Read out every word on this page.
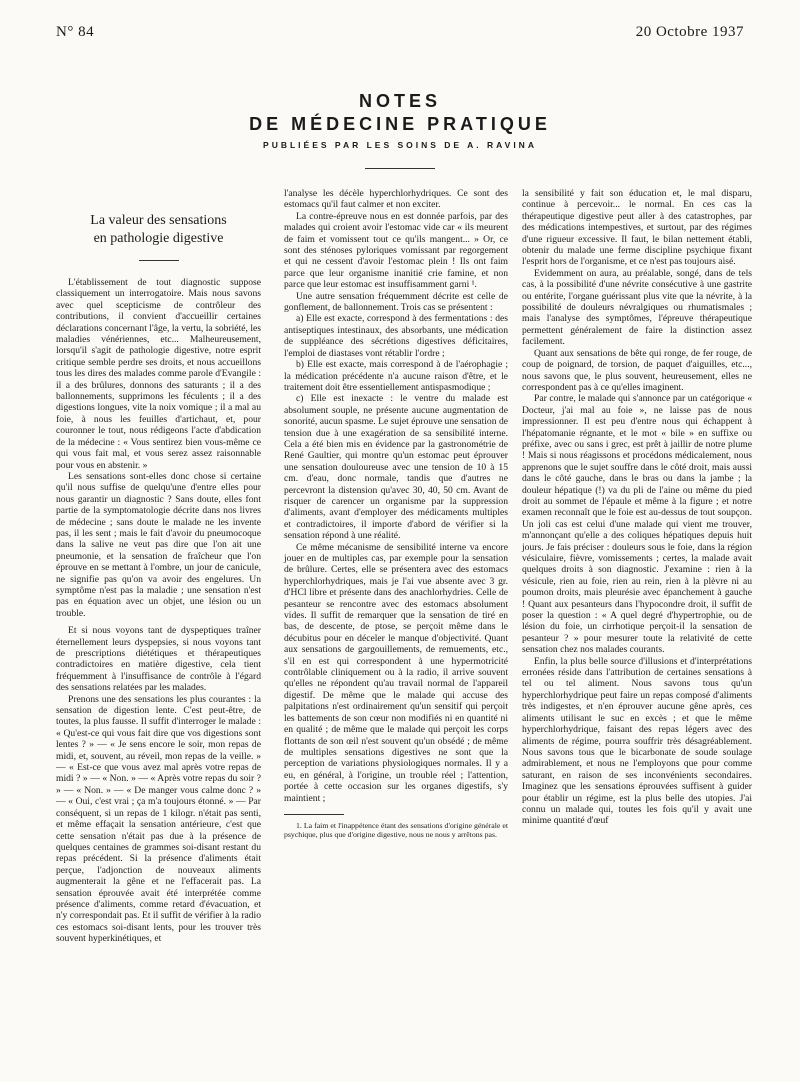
N° 84	20 Octobre 1937
NOTES
DE MÉDECINE PRATIQUE
PUBLIÉES PAR LES SOINS DE A. RAVINA
La valeur des sensations
en pathologie digestive

L'établissement de tout diagnostic suppose classiquement un interrogatoire. Mais nous savons avec quel scepticisme de contrôleur des contributions, il convient d'accueillir certaines déclarations concernant l'âge, la vertu, la sobriété, les maladies vénériennes, etc... Malheureusement, lorsqu'il s'agit de pathologie digestive, notre esprit critique semble perdre ses droits, et nous accueillons tous les dires des malades comme parole d'Evangile : il a des brûlures, donnons des saturants ; il a des ballonnements, supprimons les féculents ; il a des digestions longues, vite la noix vomique ; il a mal au foie, à nous les feuilles d'artichaut, et, pour couronner le tout, nous rédigeons l'acte d'abdication de la médecine : « Vous sentirez bien vous-même ce qui vous fait mal, et vous serez assez raisonnable pour vous en abstenir. »

Les sensations sont-elles donc chose si certaine qu'il nous suffise de quelqu'une d'entre elles pour nous garantir un diagnostic ? Sans doute, elles font partie de la symptomatologie décrite dans nos livres de médecine ; sans doute le malade ne les invente pas, il les sent ; mais le fait d'avoir du pneumocoque dans la salive ne veut pas dire que l'on ait une pneumonie, et la sensation de fraîcheur que l'on éprouve en se mettant à l'ombre, un jour de canicule, ne signifie pas qu'on va avoir des engelures. Un symptôme n'est pas la maladie ; une sensation n'est pas en équation avec un objet, une lésion ou un trouble.

Et si nous voyons tant de dyspeptiques traîner éternellement leurs dyspepsies, si nous voyons tant de prescriptions diététiques et thérapeutiques contradictoires en matière digestive, cela tient fréquemment à l'insuffisance de contrôle à l'égard des sensations relatées par les malades.

Prenons une des sensations les plus courantes : la sensation de digestion lente. C'est peut-être, de toutes, la plus fausse. Il suffit d'interroger le malade : « Qu'est-ce qui vous fait dire que vos digestions sont lentes ? » — « Je sens encore le soir, mon repas de midi, et, souvent, au réveil, mon repas de la veille. » — « Est-ce que vous avez mal après votre repas de midi ? » — « Non. » — « Après votre repas du soir ? » — « Non. » — « De manger vous calme donc ? » — « Oui, c'est vrai ; ça m'a toujours étonné. » — Par conséquent, si un repas de 1 kilogr. n'était pas senti, et même effaçait la sensation antérieure, c'est que cette sensation n'était pas due à la présence de quelques centaines de grammes soi-disant restant du repas précédent. Si la présence d'aliments était perçue, l'adjonction de nouveaux aliments augmenterait la gêne et ne l'effacerait pas. La sensation éprouvée avait été interprétée comme présence d'aliments, comme retard d'évacuation, et n'y correspondait pas. Et il suffit de vérifier à la radio ces estomacs soi-disant lents, pour les trouver très souvent hyperkinétiques, et

l'analyse les décèle hyperchlorhydriques. Ce sont des estomacs qu'il faut calmer et non exciter.

La contre-épreuve nous en est donnée parfois, par des malades qui croient avoir l'estomac vide car « ils meurent de faim et vomissent tout ce qu'ils mangent... » Or, ce sont des sténoses pyloriques vomissant par regorgement et qui ne cessent d'avoir l'estomac plein ! Ils ont faim parce que leur organisme inanitié crie famine, et non parce que leur estomac est insuffisamment garni ¹.

Une autre sensation fréquemment décrite est celle de gonflement, de ballonnement. Trois cas se présentent :

a) Elle est exacte, correspond à des fermentations : des antiseptiques intestinaux, des absorbants, une médication de suppléance des sécrétions digestives déficitaires, l'emploi de diastases vont rétablir l'ordre ;

b) Elle est exacte, mais correspond à de l'aérophagie ; la médication précédente n'a aucune raison d'être, et le traitement doit être essentiellement antispasmodique ;

c) Elle est inexacte : le ventre du malade est absolument souple, ne présente aucune augmentation de sonorité, aucun spasme. Le sujet éprouve une sensation de tension due à une exagération de sa sensibilité interne. Cela a été bien mis en évidence par la gastronométrie de René Gaultier, qui montre qu'un estomac peut éprouver une sensation douloureuse avec une tension de 10 à 15 cm. d'eau, donc normale, tandis que d'autres ne percevront la distension qu'avec 30, 40, 50 cm. Avant de risquer de carencer un organisme par la suppression d'aliments, avant d'employer des médicaments multiples et contradictoires, il importe d'abord de vérifier si la sensation répond à une réalité.

Ce même mécanisme de sensibilité interne va encore jouer en de multiples cas, par exemple pour la sensation de brûlure. Certes, elle se présentera avec des estomacs hyperchlorhydriques, mais je l'ai vue absente avec 3 gr. d'HCl libre et présente dans des anachlorhydries. Celle de pesanteur se rencontre avec des estomacs absolument vides. Il suffit de remarquer que la sensation de tiré en bas, de descente, de ptose, se perçoit même dans le décubitus pour en déceler le manque d'objectivité. Quant aux sensations de gargouillements, de remuements, etc., s'il en est qui correspondent à une hypermotricité contrôlable cliniquement ou à la radio, il arrive souvent qu'elles ne répondent qu'au travail normal de l'appareil digestif. De même que le malade qui accuse des palpitations n'est ordinairement qu'un sensitif qui perçoit les battements de son cœur non modifiés ni en quantité ni en qualité ; de même que le malade qui perçoit les corps flottants de son œil n'est souvent qu'un obsédé ; de même de multiples sensations digestives ne sont que la perception de variations physiologiques normales. Il y a eu, en général, à l'origine, un trouble réel ; l'attention, portée à cette occasion sur les organes digestifs, s'y maintient ;

1. La faim et l'inappétence étant des sensations d'origine générale et psychique, plus que d'origine digestive, nous ne nous y arrêtons pas.

la sensibilité y fait son éducation et, le mal disparu, continue à percevoir... le normal. En ces cas la thérapeutique digestive peut aller à des catastrophes, par des médications intempestives, et surtout, par des régimes d'une rigueur excessive. Il faut, le bilan nettement établi, obtenir du malade une ferme discipline psychique fixant l'esprit hors de l'organisme, et ce n'est pas toujours aisé.

Evidemment on aura, au préalable, songé, dans de tels cas, à la possibilité d'une névrite consécutive à une gastrite ou entérite, l'organe guérissant plus vite que la névrite, à la possibilité de douleurs névralgiques ou rhumatismales ; mais l'analyse des symptômes, l'épreuve thérapeutique permettent généralement de faire la distinction assez facilement.

Quant aux sensations de bête qui ronge, de fer rouge, de coup de poignard, de torsion, de paquet d'aiguilles, etc..., nous savons que, le plus souvent, heureusement, elles ne correspondent pas à ce qu'elles imaginent.

Par contre, le malade qui s'annonce par un catégorique « Docteur, j'ai mal au foie », ne laisse pas de nous impressionner. Il est peu d'entre nous qui échappent à l'hépatomanie régnante, et le mot « bile » en suffixe ou préfixe, avec ou sans i grec, est prêt à jaillir de notre plume ! Mais si nous réagissons et procédons médicalement, nous apprenons que le sujet souffre dans le côté droit, mais aussi dans le côté gauche, dans le bras ou dans la jambe ; la douleur hépatique (!) va du pli de l'aine ou même du pied droit au sommet de l'épaule et même à la figure ; et notre examen reconnaît que le foie est au-dessus de tout soupçon. Un joli cas est celui d'une malade qui vient me trouver, m'annonçant qu'elle a des coliques hépatiques depuis huit jours. Je fais préciser : douleurs sous le foie, dans la région vésiculaire, fièvre, vomissements ; certes, la malade avait quelques droits à son diagnostic. J'examine : rien à la vésicule, rien au foie, rien au rein, rien à la plèvre ni au poumon droits, mais pleurésie avec épanchement à gauche ! Quant aux pesanteurs dans l'hypocondre droit, il suffit de poser la question : « A quel degré d'hypertrophie, ou de lésion du foie, un cirrhotique perçoit-il la sensation de pesanteur ? » pour mesurer toute la relativité de cette sensation chez nos malades courants.

Enfin, la plus belle source d'illusions et d'interprétations erronées réside dans l'attribution de certaines sensations à tel ou tel aliment. Nous savons tous qu'un hyperchlorhydrique peut faire un repas composé d'aliments très indigestes, et n'en éprouver aucune gêne après, ces aliments utilisant le suc en excès ; et que le même hyperchlorhydrique, faisant des repas légers avec des aliments de régime, pourra souffrir très désagréablement. Nous savons tous que le bicarbonate de soude soulage admirablement, et nous ne l'employons que pour comme saturant, en raison de ses inconvénients secondaires. Imaginez que les sensations éprouvées suffisent à guider pour établir un régime, est la plus belle des utopies. J'ai connu un malade qui, toutes les fois qu'il y avait une minime quantité d'œuf
